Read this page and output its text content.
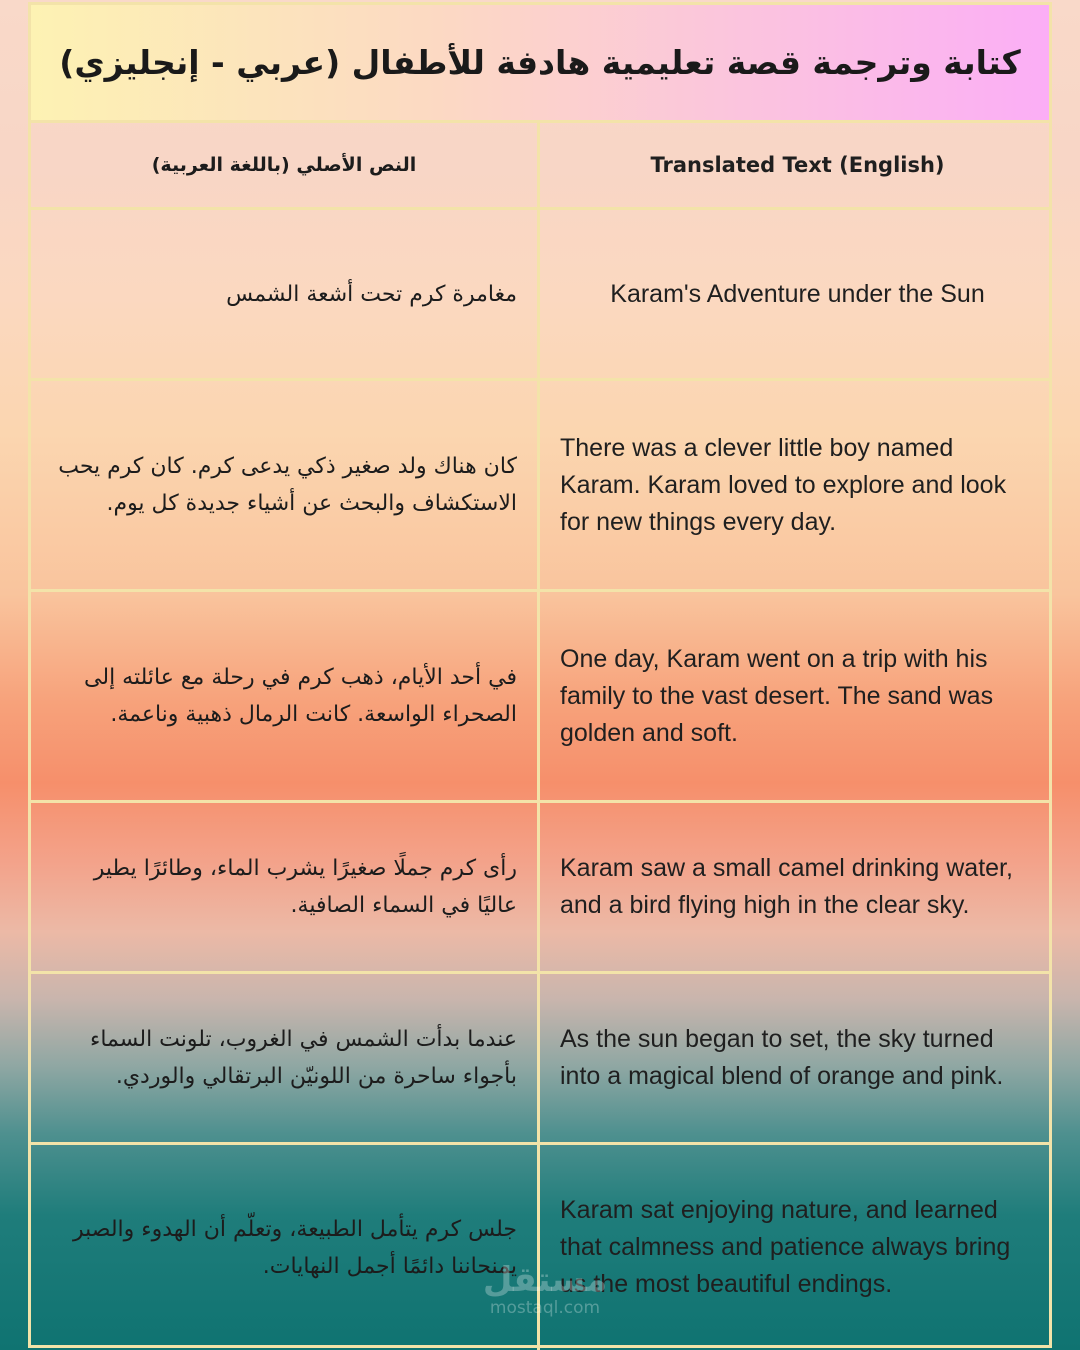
كتابة وترجمة قصة تعليمية هادفة للأطفال (عربي - إنجليزي)
النص الأصلي (باللغة العربية)	Translated Text (English)
مغامرة كرم تحت أشعة الشمس	Karam's Adventure under the Sun
كان هناك ولد صغير ذكي يدعى كرم. كان كرم يحب الاستكشاف والبحث عن أشياء جديدة كل يوم.
There was a clever little boy named Karam. Karam loved to explore and look for new things every day.
في أحد الأيام، ذهب كرم في رحلة مع عائلته إلى الصحراء الواسعة. كانت الرمال ذهبية وناعمة.
One day, Karam went on a trip with his family to the vast desert. The sand was golden and soft.
رأى كرم جملًا صغيرًا يشرب الماء، وطائرًا يطير عاليًا في السماء الصافية.
Karam saw a small camel drinking water, and a bird flying high in the clear sky.
عندما بدأت الشمس في الغروب، تلونت السماء بأجواء ساحرة من اللونيّن البرتقالي والوردي.
As the sun began to set, the sky turned into a magical blend of orange and pink.
جلس كرم يتأمل الطبيعة، وتعلّم أن الهدوء والصبر يمنحاننا دائمًا أجمل النهايات.
Karam sat enjoying nature, and learned that calmness and patience always bring us the most beautiful endings.
مستقل
mostaql.com
